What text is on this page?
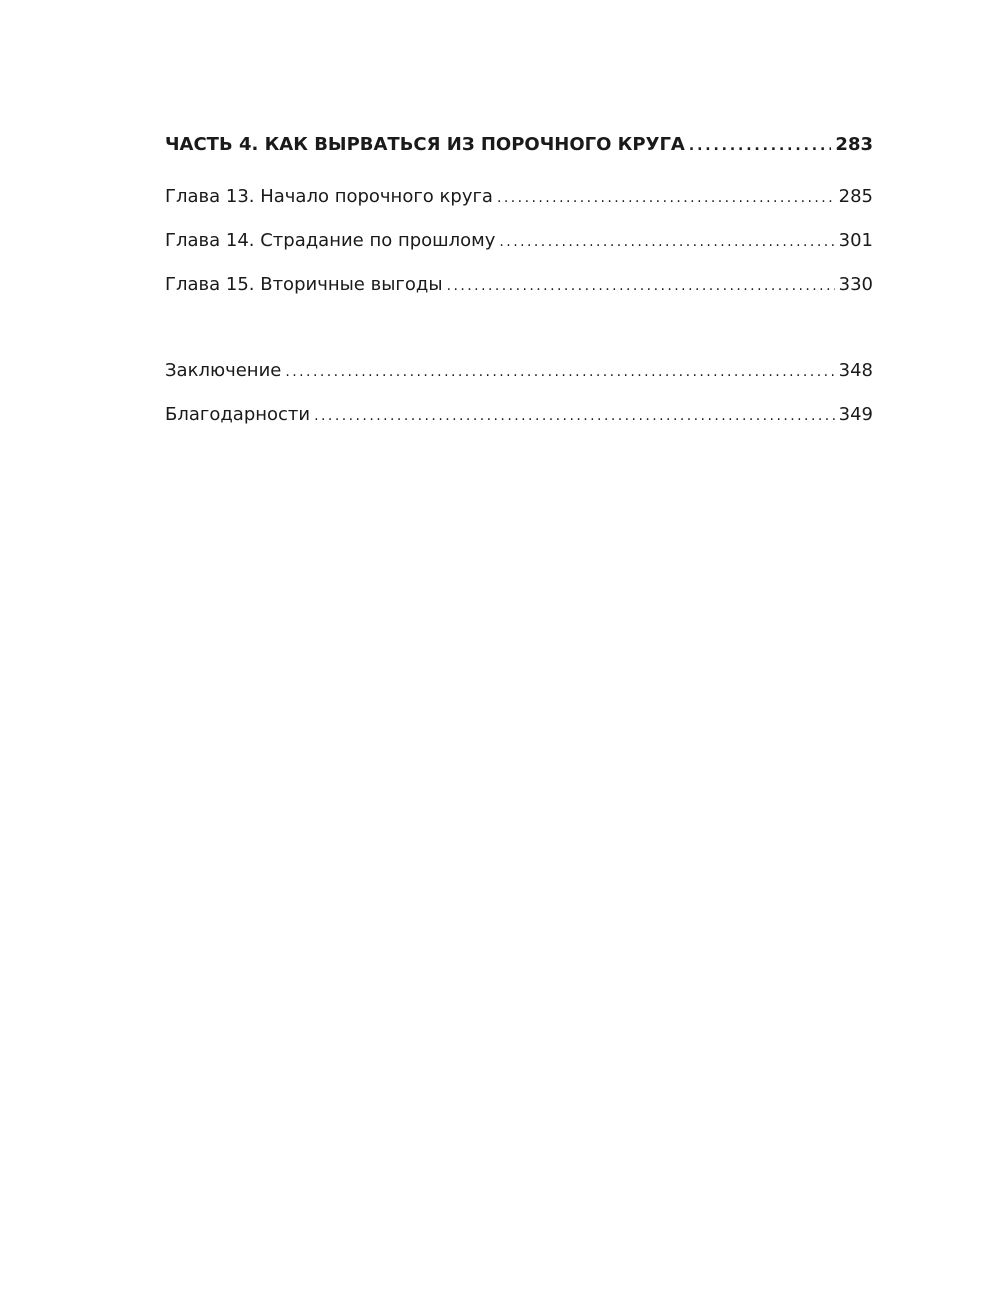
ЧАСТЬ 4. КАК ВЫРВАТЬСЯ ИЗ ПОРОЧНОГО КРУГА . . .	283
Глава 13. Начало порочного круга . . .	285
Глава 14. Страдание по прошлому . . .	301
Глава 15. Вторичные выгоды . . .	330
Заключение . . .	348
Благодарности . . .	349
